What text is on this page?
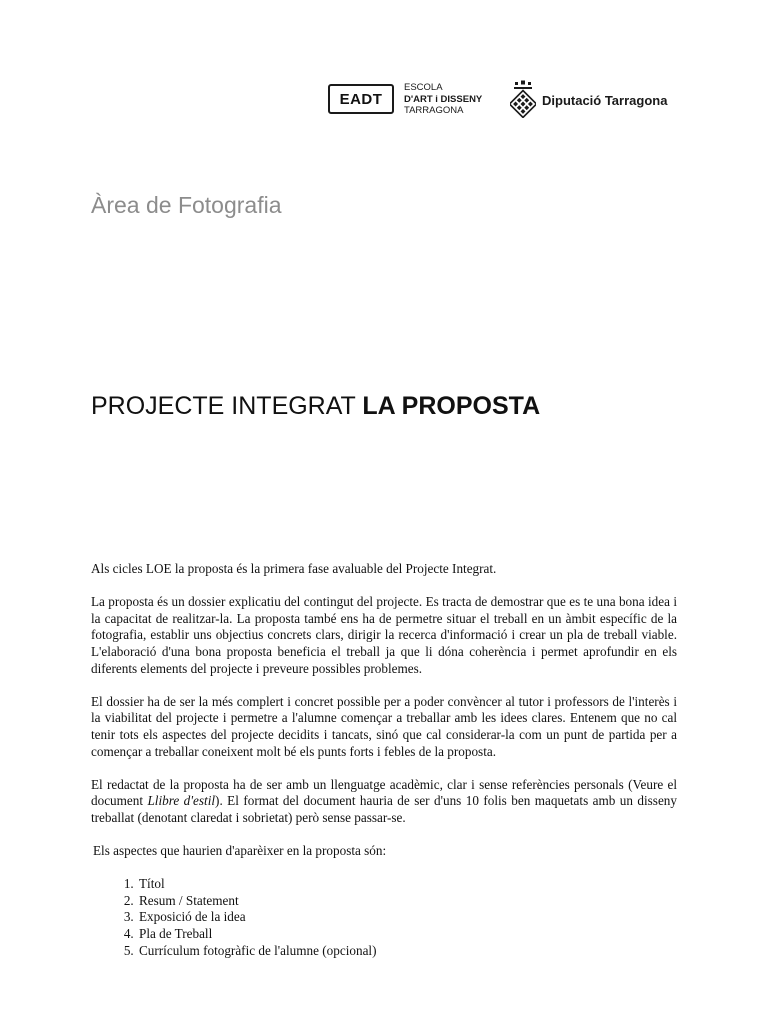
EADT
ESCOLA
D'ART i DISSENY
TARRAGONA
Diputació Tarragona
Àrea de Fotografia
PROJECTE INTEGRAT LA PROPOSTA

Als cicles LOE la proposta és la primera fase avaluable del Projecte Integrat.

La proposta és un dossier explicatiu del contingut del projecte. Es tracta de demostrar que es te una bona idea i la capacitat de realitzar-la. La proposta també ens ha de permetre situar el treball en un àmbit específic de la fotografia, establir uns objectius concrets clars, dirigir la recerca d'informació i crear un pla de treball viable. L'elaboració d'una bona proposta beneficia el treball ja que li dóna coherència i permet aprofundir en els diferents elements del projecte i preveure possibles problemes.

El dossier ha de ser la més complert i concret possible per a poder convèncer al tutor i professors de l'interès i la viabilitat del projecte i permetre a l'alumne començar a treballar amb les idees clares. Entenem que no cal tenir tots els aspectes del projecte decidits i tancats, sinó que cal considerar-la com un punt de partida per a començar a treballar coneixent molt bé els punts forts i febles de la proposta.

El redactat de la proposta ha de ser amb un llenguatge acadèmic, clar i sense referències personals (Veure el document Llibre d'estil). El format del document hauria de ser d'uns 10 folis ben maquetats amb un disseny treballat (denotant claredat i sobrietat) però sense passar-se.

Els aspectes que haurien d'aparèixer en la proposta són:

1. Títol
2. Resum / Statement
3. Exposició de la idea
4. Pla de Treball
5. Currículum fotogràfic de l'alumne (opcional)
